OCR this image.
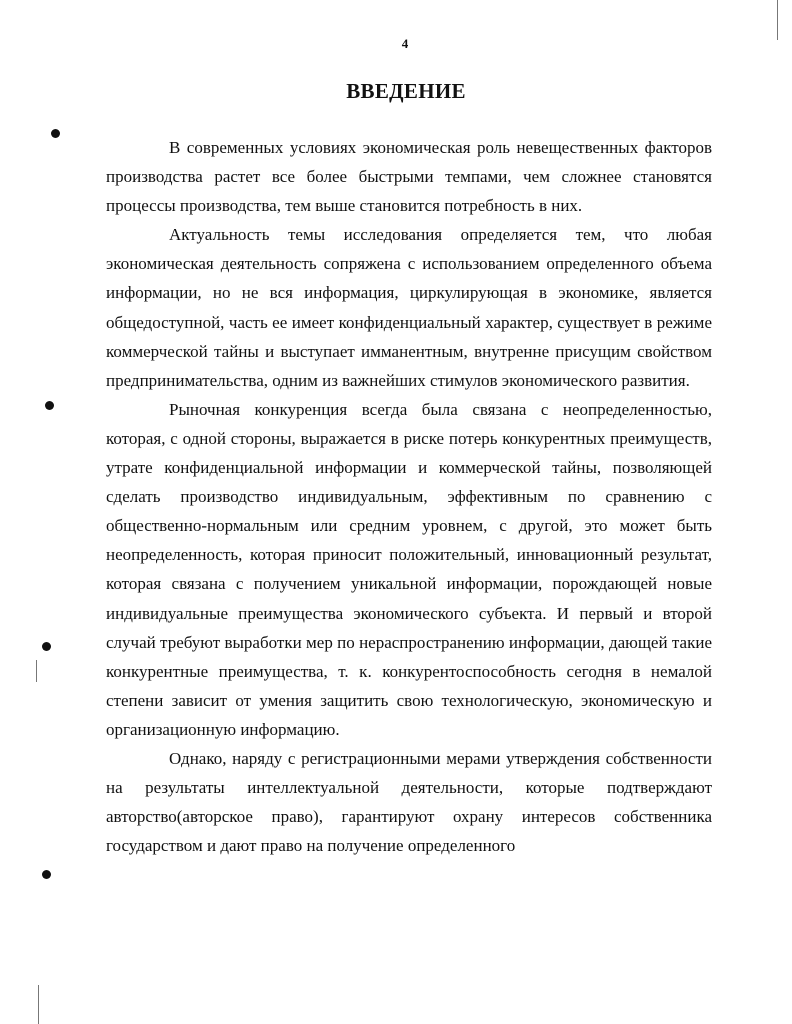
4
ВВЕДЕНИЕ

В современных условиях экономическая роль невещественных факторов производства растет все более быстрыми темпами, чем сложнее становятся процессы производства, тем выше становится потребность в них.

Актуальность темы исследования определяется тем, что любая экономическая деятельность сопряжена с использованием определенного объема информации, но не вся информация, циркулирующая в экономике, является общедоступной, часть ее имеет конфиденциальный характер, существует в режиме коммерческой тайны и выступает имманентным, внутренне присущим свойством предпринимательства, одним из важнейших стимулов экономического развития.

Рыночная конкуренция всегда была связана с неопределенностью, которая, с одной стороны, выражается в риске потерь конкурентных преимуществ, утрате конфиденциальной информации и коммерческой тайны, позволяющей сделать производство индивидуальным, эффективным по сравнению с общественно-нормальным или средним уровнем, с другой, это может быть неопределенность, которая приносит положительный, инновационный результат, которая связана с получением уникальной информации, порождающей новые индивидуальные преимущества экономического субъекта. И первый и второй случай требуют выработки мер по нераспространению информации, дающей такие конкурентные преимущества, т. к. конкурентоспособность сегодня в немалой степени зависит от умения защитить свою технологическую, экономическую и организационную информацию.

Однако, наряду с регистрационными мерами утверждения собственности на результаты интеллектуальной деятельности, которые подтверждают авторство(авторское право), гарантируют охрану интересов собственника государством и дают право на получение определенного
